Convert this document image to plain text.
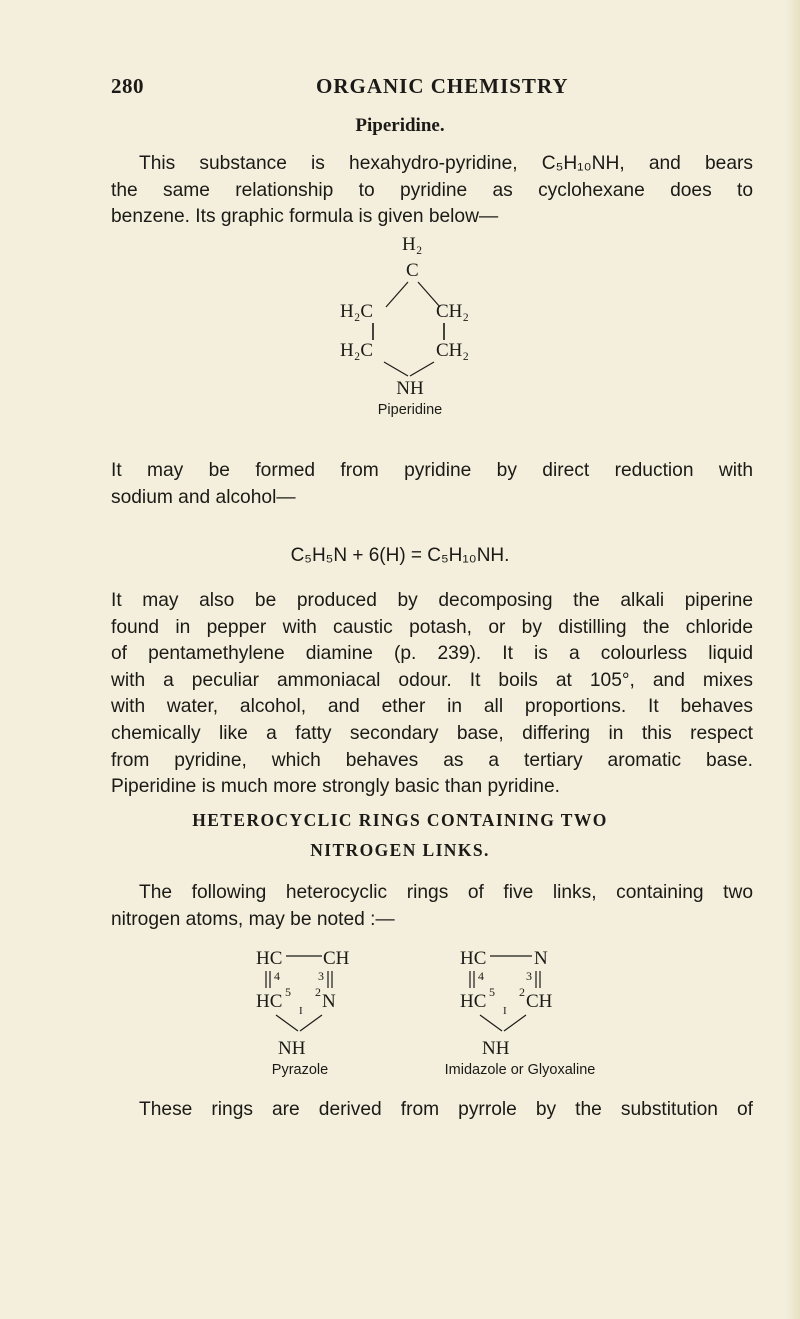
280	ORGANIC CHEMISTRY
Piperidine.
This substance is hexahydro-pyridine, C₅H₁₀NH, and bears
the same relationship to pyridine as cyclohexane does to
benzene. Its graphic formula is given below—
H₂
C
H₂C	CH₂
H₂C	CH₂
NH
Piperidine
It may be formed from pyridine by direct reduction with
sodium and alcohol—
C₅H₅N + 6(H) = C₅H₁₀NH.
It may also be produced by decomposing the alkali piperine
found in pepper with caustic potash, or by distilling the chloride
of pentamethylene diamine (p. 239). It is a colourless liquid
with a peculiar ammoniacal odour. It boils at 105°, and mixes
with water, alcohol, and ether in all proportions. It behaves
chemically like a fatty secondary base, differing in this respect
from pyridine, which behaves as a tertiary aromatic base.
Piperidine is much more strongly basic than pyridine.
HETEROCYCLIC RINGS CONTAINING TWO
NITROGEN LINKS.
The following heterocyclic rings of five links, containing two
nitrogen atoms, may be noted :—
HC CH
4	3
HC 5 2 N
I
NH
Pyrazole
HC	N
4	3
HC 5 2 CH
I
NH
Imidazole or Glyoxaline
These rings are derived from pyrrole by the substitution of
